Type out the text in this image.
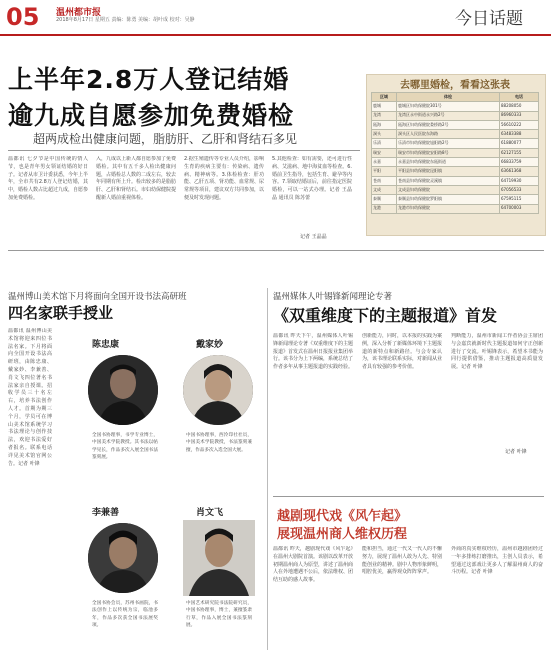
05 温州都市报
2018年8月17日 星期五 责编：陈勇 美编：胡叶成 校对：吴静	今日话题
上半年2.8万人登记结婚
逾九成自愿参加免费婚检
超两成检出健康问题，脂肪肝、乙肝和肾结石多见
温都讯 七夕节是中国传统的情人节，也是青年男女领证结婚的好日子。记者从市卫计委获悉，今年上半年，全市共有2.8万人登记结婚，其中，婚检人数占比超过九成，自愿参加免费婚检。
入，九成以上新人都自愿参加了免费婚检。其中有五千多人检出健康问题，占婚检总人数的二成左右，较去年同期有所上升。检出较多的是脂肪肝、乙肝和肾结石。市妇幼保健院提醒新人婚前重视体检。
2.据生殖遗传等专业人员介绍，影响生育的疾病主要有：传染病、遗传病、精神病等。3.体检检查：肝功能、乙肝五项、肾功能、血常规、尿常规等项目，建议双方共同参加，以便及时发现问题。
5.其他检查：如有需要，还可进行性病、艾滋病、地中海贫血等检查。6.婚前卫生指导，包括生育、避孕等内容。7.领取结婚证后，前往指定医院婚检，可以一站式办理。记者 王晶晶 通讯员 陈苏蕾
记者 王晶晶
去哪里婚检，看看这张表
区域	体检	电话
鹿城	鹿城区妇幼保健院301号	88208050
龙湾	龙湾区永中街道永兴路2号	86960333
瓯海	瓯海区妇幼保健院娄桥路2号	56610222
洞头	洞头区人民医院东海路	63483388
乐清	乐清市妇幼保健院旭阳路2号	61880077
瑞安	瑞安市妇幼保健院安阳路8号	62127155
永嘉	永嘉县妇幼保健院东瓯街道	66833759
平阳	平阳县妇幼保健院昆阳镇	63661368
苍南	苍南县妇幼保健院灵溪镇	64719930
文成	文成县妇幼保健院	67056533
泰顺	泰顺县妇幼保健院罗阳镇	67595115
龙港	龙港市妇幼保健院	64700003
温州博山美术馆下月将面向全国开设书法高研班
四名家联手授业
温都讯 温州博山美术馆将迎来四位书法名家。下月将面向全国开设书法高研班，由陈忠康、戴家妙、李兼善、肖文飞四位著名书法家亲自授课。招收学员三十名左右，培养书法创作人才。首期为期三个月，学员可在博山美术馆系统学习书法理论与创作技法，欢迎书法爱好者报名。联系电话详见美术馆官网公告。记者 叶锋
陈忠康
全国书协理事，书学专业博士，中国美术学院教授。其书法以帖学见长，作品多次入展全国书法篆刻展。
戴家妙
中国书协理事，西泠印社社员，中国美术学院教授，书法篆刻兼擅，作品多次入选全国大展。
李兼善
全国书协会员，苏州书画院，书法创作上以传统为宗，临池多年，作品多次获全国书法展奖项。
肖文飞
中国艺术研究院书法院研究员，中国书协理事，博士，兼擅篆隶行草，作品入展全国书法篆刻展。
温州媒体人叶锡锋新闻理论专著
《双重维度下的主题报道》首发
温都讯 昨天下午，温州媒体人叶锡锋新闻理论专著《双重维度下的主题报道》首发式在温州日报报业集团举行。该书分为上下两编，系统总结了作者多年从事主题报道的实践经验。
创新能力，同时，以本报的实践为案例，深入分析了新媒体环境下主题报道的新特点和新路径。与会专家认为，该书理论联系实际，对新闻从业者具有较强的参考价值。
判断能力，温州市新闻工作者协会主席团与会嘉宾就新时代主题报道如何守正创新进行了交流。叶锡锋表示，希望本书能为同行提供借鉴，推动主题报道高质量发展。记者 叶锋
记者 叶锋
越剧现代戏《风乍起》
展现温州商人维权历程
温都讯 昨天，越剧现代戏《风乍起》在温州大剧院首演。该剧以改革开放初期温州商人为原型，讲述了温州商人在外地遭遇不公后，依法维权、团结互助的感人故事。
能和担当，通过一代又一代人的不懈努力，展现了温州人敢为人先、特别能创业的精神。剧中人物形象鲜明，唱腔优美，赢得观众阵阵掌声。
外商的真实维权经历，温州市越剧团经过一年多排练打磨推出，主创人员表示，希望通过这部戏让更多人了解温州商人的奋斗历程。记者 叶锋
